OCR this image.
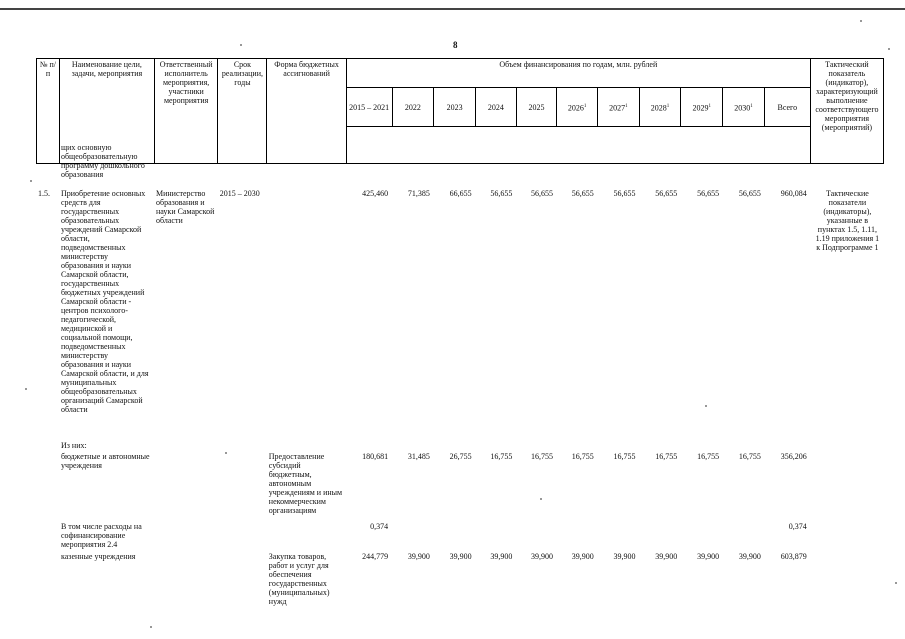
8
№ п/п	Наименование цели, задачи, мероприятия	Ответственный исполнитель мероприятия, участники мероприятия	Срок реализации, годы	Форма бюджетных ассигнований	Объем финансирования по годам, млн. рублей											Тактический показатель (индикатор), характеризующий выполнение соответствующего мероприятия (мероприятий)
					2015 – 2021	2022	2023	2024	2025	2026$^1$	2027$^1$	2028$^1$	2029$^1$	2030$^1$	Всего	

	щих основную общеобразовательную программу дошкольного образования															
1.5.	Приобретение основных средств для государственных образовательных учреждений Самарской области, подведомственных министерству образования и науки Самарской области, государственных бюджетных учреждений Самарской области - центров психолого-педагогической, медицинской и социальной помощи, подведомственных министерству образования и науки Самарской области, и для муниципальных общеобразовательных организаций Самарской области	Министерство образования и науки Самарской области	2015 – 2030		425,460	71,385	66,655	56,655	56,655	56,655	56,655	56,655	56,655	56,655	960,084	Тактические показатели (индикаторы), указанные в пунктах 1.5, 1.11, 1.19 приложения 1 к Подпрограмме 1
	Из них:															
	бюджетные и автономные учреждения			Предоставление субсидий бюджетным, автономным учреждениям и иным некоммерческим организациям	180,681	31,485	26,755	16,755	16,755	16,755	16,755	16,755	16,755	16,755	356,206	
	В том числе расходы на софинансирование мероприятия 2.4				0,374										0,374	
	казенные учреждения			Закупка товаров, работ и услуг для обеспечения государственных (муниципальных) нужд	244,779	39,900	39,900	39,900	39,900	39,900	39,900	39,900	39,900	39,900	603,879	
